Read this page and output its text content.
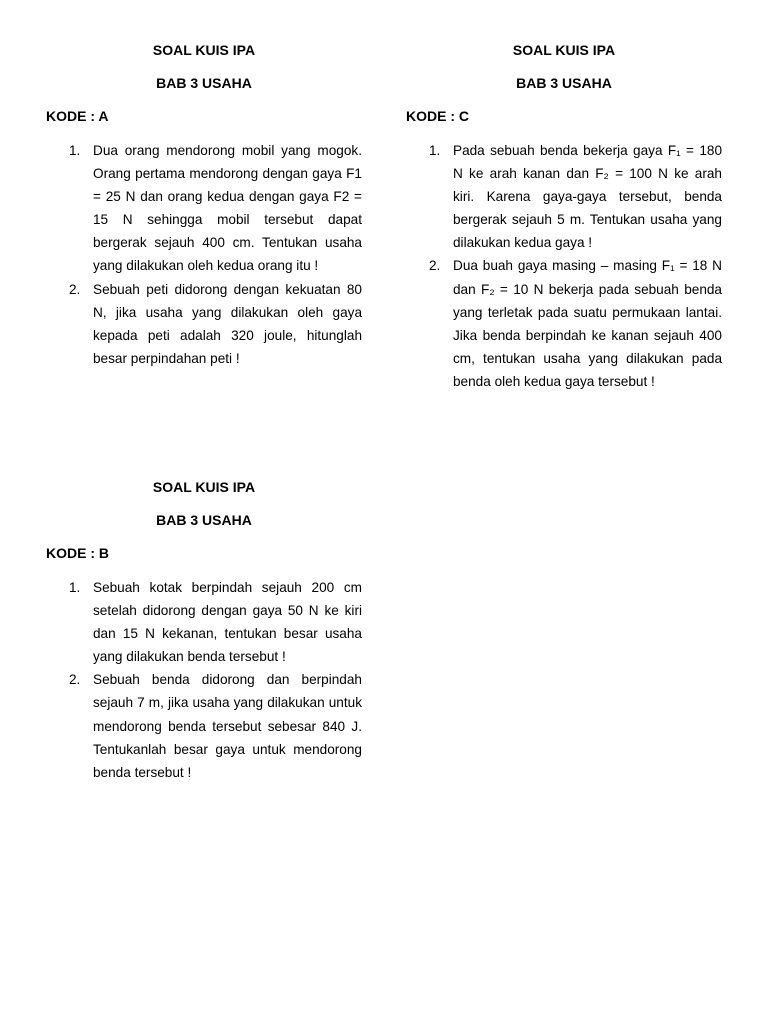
SOAL KUIS IPA

BAB 3 USAHA

KODE : A

1. Dua orang mendorong mobil yang mogok. Orang pertama mendorong dengan gaya F1 = 25 N dan orang kedua dengan gaya F2 = 15 N sehingga mobil tersebut dapat bergerak sejauh 400 cm. Tentukan usaha yang dilakukan oleh kedua orang itu !
2. Sebuah peti didorong dengan kekuatan 80 N, jika usaha yang dilakukan oleh gaya kepada peti adalah 320 joule, hitunglah besar perpindahan peti !

SOAL KUIS IPA

BAB 3 USAHA

KODE : C

1. Pada sebuah benda bekerja gaya F₁ = 180 N ke arah kanan dan F₂ = 100 N ke arah kiri. Karena gaya-gaya tersebut, benda bergerak sejauh 5 m. Tentukan usaha yang dilakukan kedua gaya !
2. Dua buah gaya masing – masing F₁ = 18 N dan F₂ = 10 N bekerja pada sebuah benda yang terletak pada suatu permukaan lantai. Jika benda berpindah ke kanan sejauh 400 cm, tentukan usaha yang dilakukan pada benda oleh kedua gaya tersebut !

SOAL KUIS IPA

BAB 3 USAHA

KODE : B

1. Sebuah kotak berpindah sejauh 200 cm setelah didorong dengan gaya 50 N ke kiri dan 15 N kekanan, tentukan besar usaha yang dilakukan benda tersebut !
2. Sebuah benda didorong dan berpindah sejauh 7 m, jika usaha yang dilakukan untuk mendorong benda tersebut sebesar 840 J. Tentukanlah besar gaya untuk mendorong benda tersebut !
